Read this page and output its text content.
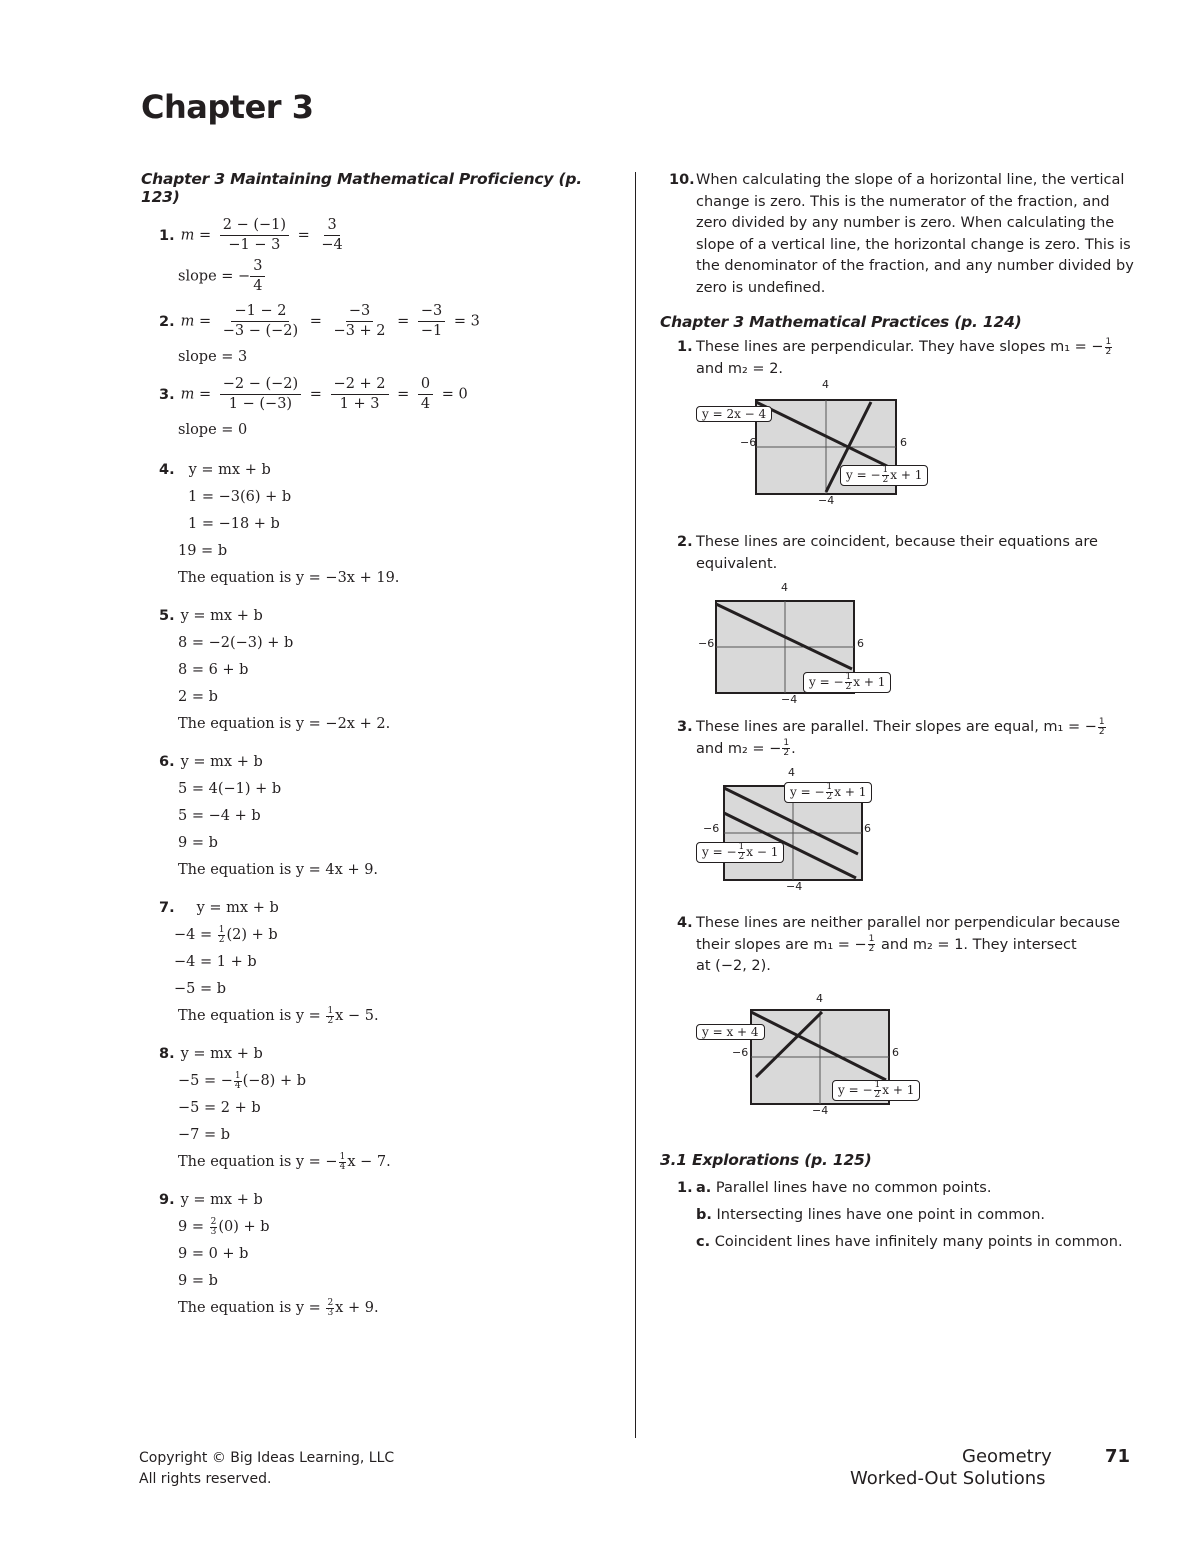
Chapter 3
Chapter 3 Maintaining Mathematical Proficiency (p. 123)
1. $m = \frac{2 - (-1)}{-1 - 3} = \frac{3}{-4}$
slope = − $\frac{3}{4}$
2. $m = \frac{-1 - 2}{-3 - (-2)} = \frac{-3}{-3 + 2} = \frac{-3}{-1} = 3$
slope = 3
3. $m = \frac{-2 - (-2)}{1 - (-3)} = \frac{-2 + 2}{1 + 3} = \frac{0}{4} = 0$
slope = 0
4. y = mx + b
1 = −3(6) + b
1 = −18 + b
19 = b
The equation is y = −3x + 19.
5. y = mx + b
8 = −2(−3) + b
8 = 6 + b
2 = b
The equation is y = −2x + 2.
6. y = mx + b
5 = 4(−1) + b
5 = −4 + b
9 = b
The equation is y = 4x + 9.
7. y = mx + b
$-4 = \frac{1}{2} (2) + b$
−4 = 1 + b
−5 = b
The equation is $y = \frac{1}{2}$ x − 5.
8. y = mx + b
−5 = − $\frac{1}{4} (-8) + b$
−5 = 2 + b
−7 = b
The equation is y = − $\frac{1}{4}$ x − 7.
9. y = mx + b
$9 = \frac{2}{3} (0) + b$
9 = 0 + b
9 = b
The equation is $y = \frac{2}{3}$ x + 9.
10. When calculating the slope of a horizontal line, the vertical change is zero. This is the numerator of the fraction, and zero divided by any number is zero. When calculating the slope of a vertical line, the horizontal change is zero. This is the denominator of the fraction, and any number divided by zero is undefined.
Chapter 3 Mathematical Practices (p. 124)
1. These lines are perpendicular. They have slopes m₁ = − $\frac{1}{2}$
and m₂ = 2.
4
−6	6
−4
y = 2x − 4
y = − $\frac{1}{2}$ x + 1
2. These lines are coincident, because their equations are equivalent.
4
−6	6
−4
y = − $\frac{1}{2}$ x + 1
3. These lines are parallel. Their slopes are equal, m₁ = − $\frac{1}{2}$
and m₂ = − $\frac{1}{2}$ .
4
−6	6
−4
y = − $\frac{1}{2}$ x + 1
y = − $\frac{1}{2}$ x − 1
4. These lines are neither parallel nor perpendicular because
their slopes are m₁ = − $\frac{1}{2}$ and m₂ = 1. They intersect
at (−2, 2).
4
−6	6
−4
y = x + 4
y = − $\frac{1}{2}$ x + 1
3.1 Explorations (p. 125)
1. a. Parallel lines have no common points.
b. Intersecting lines have one point in common.
c. Coincident lines have infinitely many points in common.
Copyright © Big Ideas Learning, LLC
All rights reserved.
Geometry	71
Worked-Out Solutions
